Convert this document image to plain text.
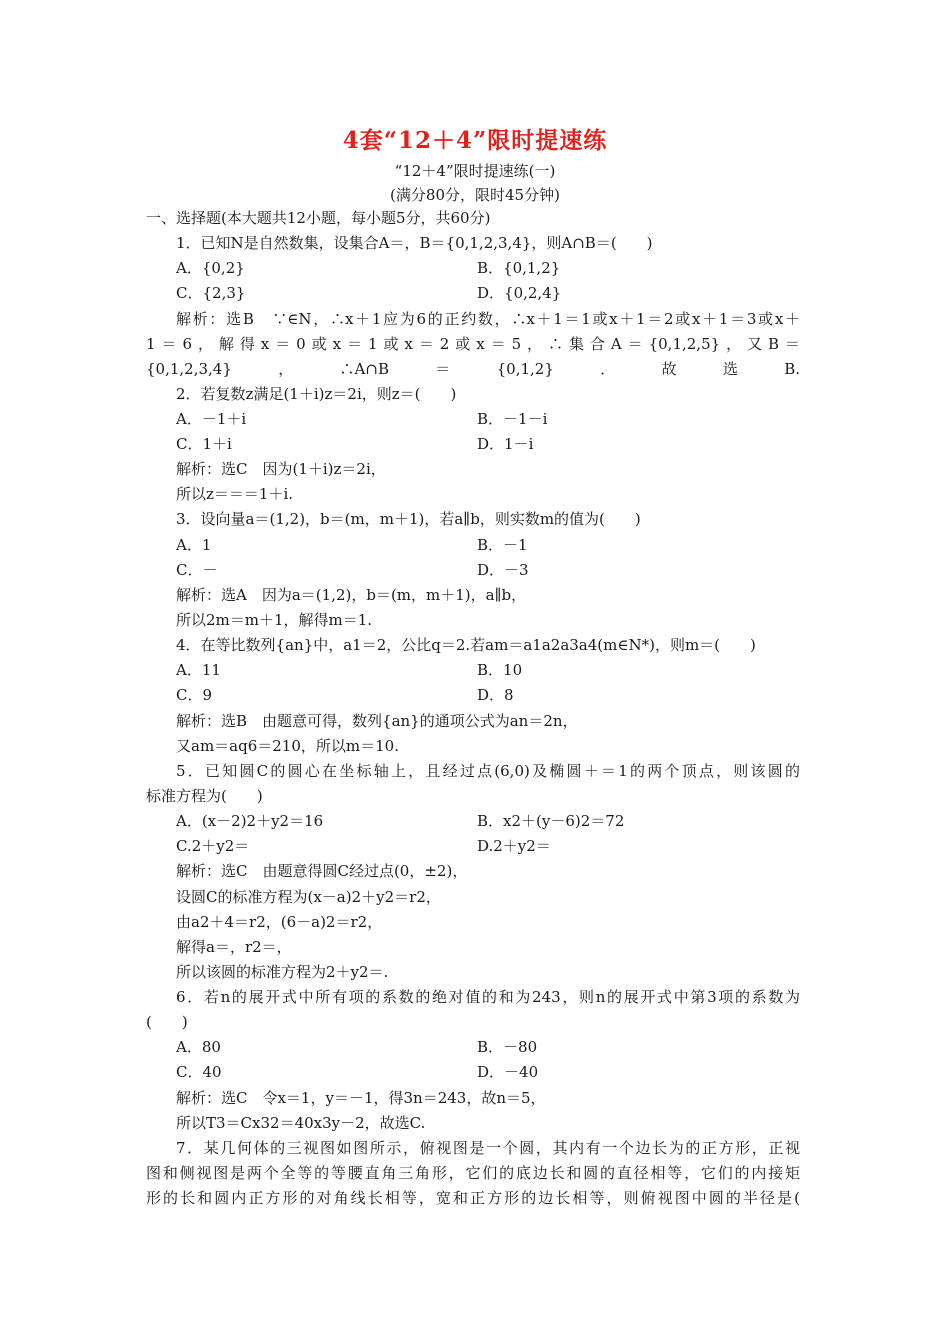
4套“12＋4”限时提速练
“12＋4”限时提速练(一)
(满分80分，限时45分钟)
一、选择题(本大题共12小题，每小题5分，共60分)
1．已知N是自然数集，设集合A＝，B＝{0,1,2,3,4}，则A∩B＝(　　)
A．{0,2}	B．{0,1,2}
C．{2,3}	D．{0,2,4}
解析：选B　∵∈N，∴x＋1应为6的正约数，∴x＋1＝1或x＋1＝2或x＋1＝3或x＋
1＝6，解得x＝0或x＝1或x＝2或x＝5，∴集合A＝{0,1,2,5}，又B＝
{0,1,2,3,4}，∴A∩B＝{0,1,2}．故选B.
2．若复数z满足(1＋i)z＝2i，则z＝(　　)
A．－1＋i	B．－1－i
C．1＋i	D．1－i
解析：选C　因为(1＋i)z＝2i，
所以z＝＝＝1＋i.
3．设向量a＝(1,2)，b＝(m，m＋1)，若a∥b，则实数m的值为(　　)
A．1	B．－1
C．－	D．－3
解析：选A　因为a＝(1,2)，b＝(m，m＋1)，a∥b，
所以2m＝m＋1，解得m＝1.
4．在等比数列{an}中，a1＝2，公比q＝2.若am＝a1a2a3a4(m∈N*)，则m＝(　　)
A．11	B．10
C．9	D．8
解析：选B　由题意可得，数列{an}的通项公式为an＝2n，
又am＝aq6＝210，所以m＝10.
5．已知圆C的圆心在坐标轴上，且经过点(6,0)及椭圆＋＝1的两个顶点，则该圆的
标准方程为(　　)
A．(x－2)2＋y2＝16	B．x2＋(y－6)2＝72
C.2＋y2＝	D.2＋y2＝
解析：选C　由题意得圆C经过点(0，±2)，
设圆C的标准方程为(x－a)2＋y2＝r2，
由a2＋4＝r2，(6－a)2＝r2，
解得a＝，r2＝，
所以该圆的标准方程为2＋y2＝.
6．若n的展开式中所有项的系数的绝对值的和为243，则n的展开式中第3项的系数为
(　　)
A．80	B．－80
C．40	D．－40
解析：选C　令x＝1，y＝－1，得3n＝243，故n＝5，
所以T3＝Cx32＝40x3y－2，故选C.
7．某几何体的三视图如图所示，俯视图是一个圆，其内有一个边长为的正方形，正视
图和侧视图是两个全等的等腰直角三角形，它们的底边长和圆的直径相等，它们的内接矩
形的长和圆内正方形的对角线长相等，宽和正方形的边长相等，则俯视图中圆的半径是(
